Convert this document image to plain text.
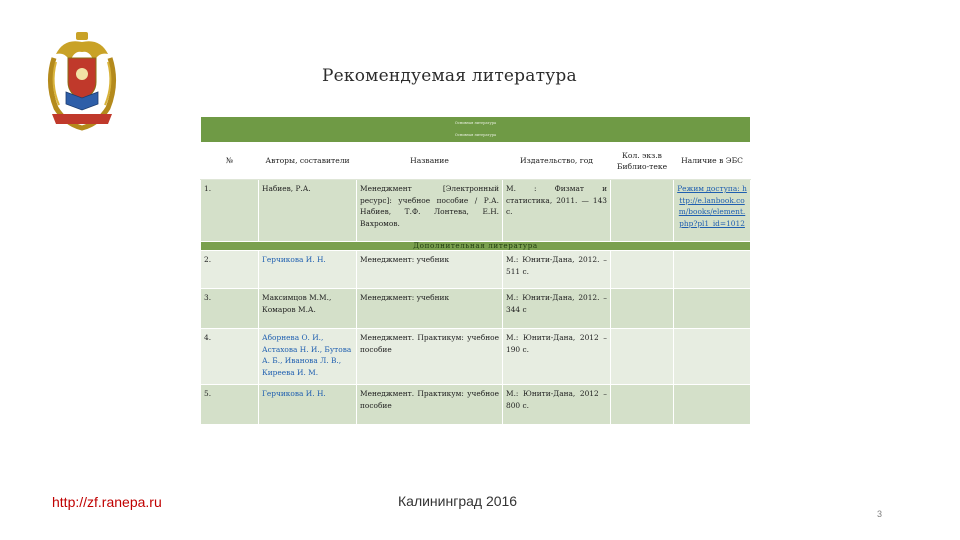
Рекомендуемая литература
Основная литература
Основная литература					

№	Авторы, составители	Название	Издательство, год	Кол. экз.в Библио-теке	Наличие в ЭБС
1.	Набиев, Р.А.	Менеджмент [Электронный ресурс]: учебное пособие / Р.А. Набиев, Т.Ф. Лонтева, Е.Н. Вахромов.	М. : Физмат и статистика, 2011. — 143 с.		Режим доступа: http://e.lanbook.com/books/element.php?pl1_id=1012
Дополнительная литература					
2.	Герчикова И. Н.	Менеджмент: учебник	М.: Юнити-Дана, 2012. – 511 с.		
3.	Максимцов М.М., Комаров М.А.	Менеджмент: учебник	М.: Юнити-Дана, 2012. – 344 с		
4.	Аборнева О. И., Астахова Н. И., Бутова А. Б., Иванова Л. В., Киреева И. М.	Менеджмент. Практикум: учебное пособие	М.: Юнити-Дана, 2012 – 190 с.		
5.	Герчикова И. Н.	Менеджмент. Практикум: учебное пособие	М.: Юнити-Дана, 2012 – 800 с.		
http://zf.ranepa.ru	Калининград 2016
3
